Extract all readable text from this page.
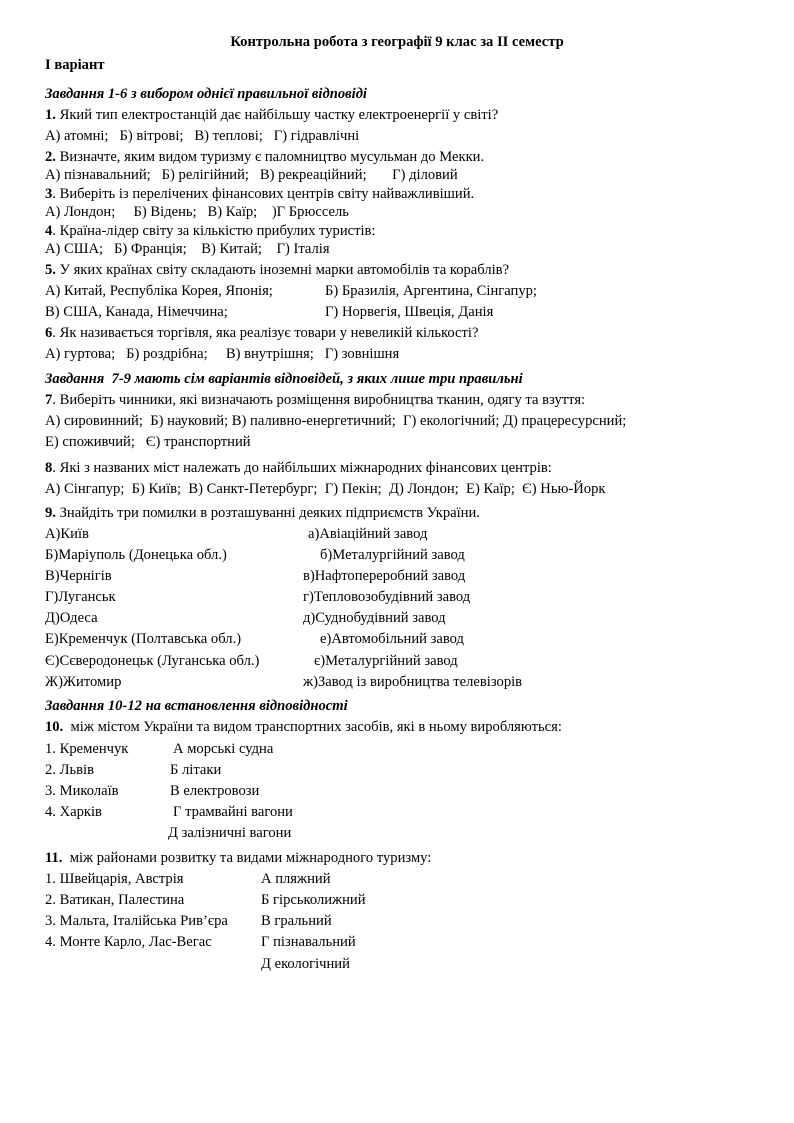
Контрольна робота з географії 9 клас за II семестр
I варіант
Завдання 1-6 з вибором однієї правильної відповіді
1. Який тип електростанцій дає найбільшу частку електроенергії у світі?
А) атомні;   Б) вітрові;   В) теплові;   Г) гідравлічні
2. Визначте, яким видом туризму є паломництво мусульман до Мекки.
А) пізнавальний;   Б) релігійний;   В) рекреаційний;       Г) діловий
3. Виберіть із перелічених фінансових центрів світу найважливіший.
А) Лондон;     Б) Відень;   В) Каїр;    )Г Брюссель
4. Країна-лідер світу за кількістю прибулих туристів:
А) США;   Б) Франція;    В) Китай;    Г) Італія
5. У яких країнах світу складають іноземні марки автомобілів та кораблів?
А) Китай, Республіка Корея, Японія;	Б) Бразилія, Аргентина, Сінгапур;
В) США, Канада, Німеччина;	Г) Норвегія, Швеція, Данія
6. Як називається торгівля, яка реалізує товари у невеликій кількості?
А) гуртова;   Б) роздрібна;     В) внутрішня;   Г) зовнішня
Завдання  7-9 мають сім варіантів відповідей, з яких лише три правильні
7. Виберіть чинники, які визначають розміщення виробництва тканин, одягу та взуття:
А) сировинний;  Б) науковий; В) паливно-енергетичний;  Г) екологічний; Д) працересурсний;
Е) споживчий;   Є) транспортний
8. Які з названих міст належать до найбільших міжнародних фінансових центрів:
А) Сінгапур;  Б) Київ;  В) Санкт-Петербург;  Г) Пекін;  Д) Лондон;  Е) Каїр;  Є) Нью-Йорк
9. Знайдіть три помилки в розташуванні деяких підприємств України.
А)Київ
Б)Маріуполь (Донецька обл.)
В)Чернігів
Г)Луганськ
Д)Одеса
Е)Кременчук (Полтавська обл.)
Є)Сєверодонецьк (Луганська обл.)
Ж)Житомир
а)Авіаційний завод
б)Металургійний завод
в)Нафтопереробний завод
г)Тепловозобудівний завод
д)Суднобудівний завод
е)Автомобільний завод
є)Металургійний завод
ж)Завод із виробництва телевізорів
Завдання 10-12 на встановлення відповідності
10.  між містом України та видом транспортних засобів, які в ньому виробляються:
1. Кременчук
2. Львів
3. Миколаїв
4. Харків
А морські судна
Б літаки
В електровози
Г трамвайні вагони
Д залізничні вагони
11.  між районами розвитку та видами міжнародного туризму:
1. Швейцарія, Австрія
2. Ватикан, Палестина
3. Мальта, Італійська Рив’єра
4. Монте Карло, Лас-Вегас
А пляжний
Б гірськолижний
В гральний
Г пізнавальний
Д екологічний
